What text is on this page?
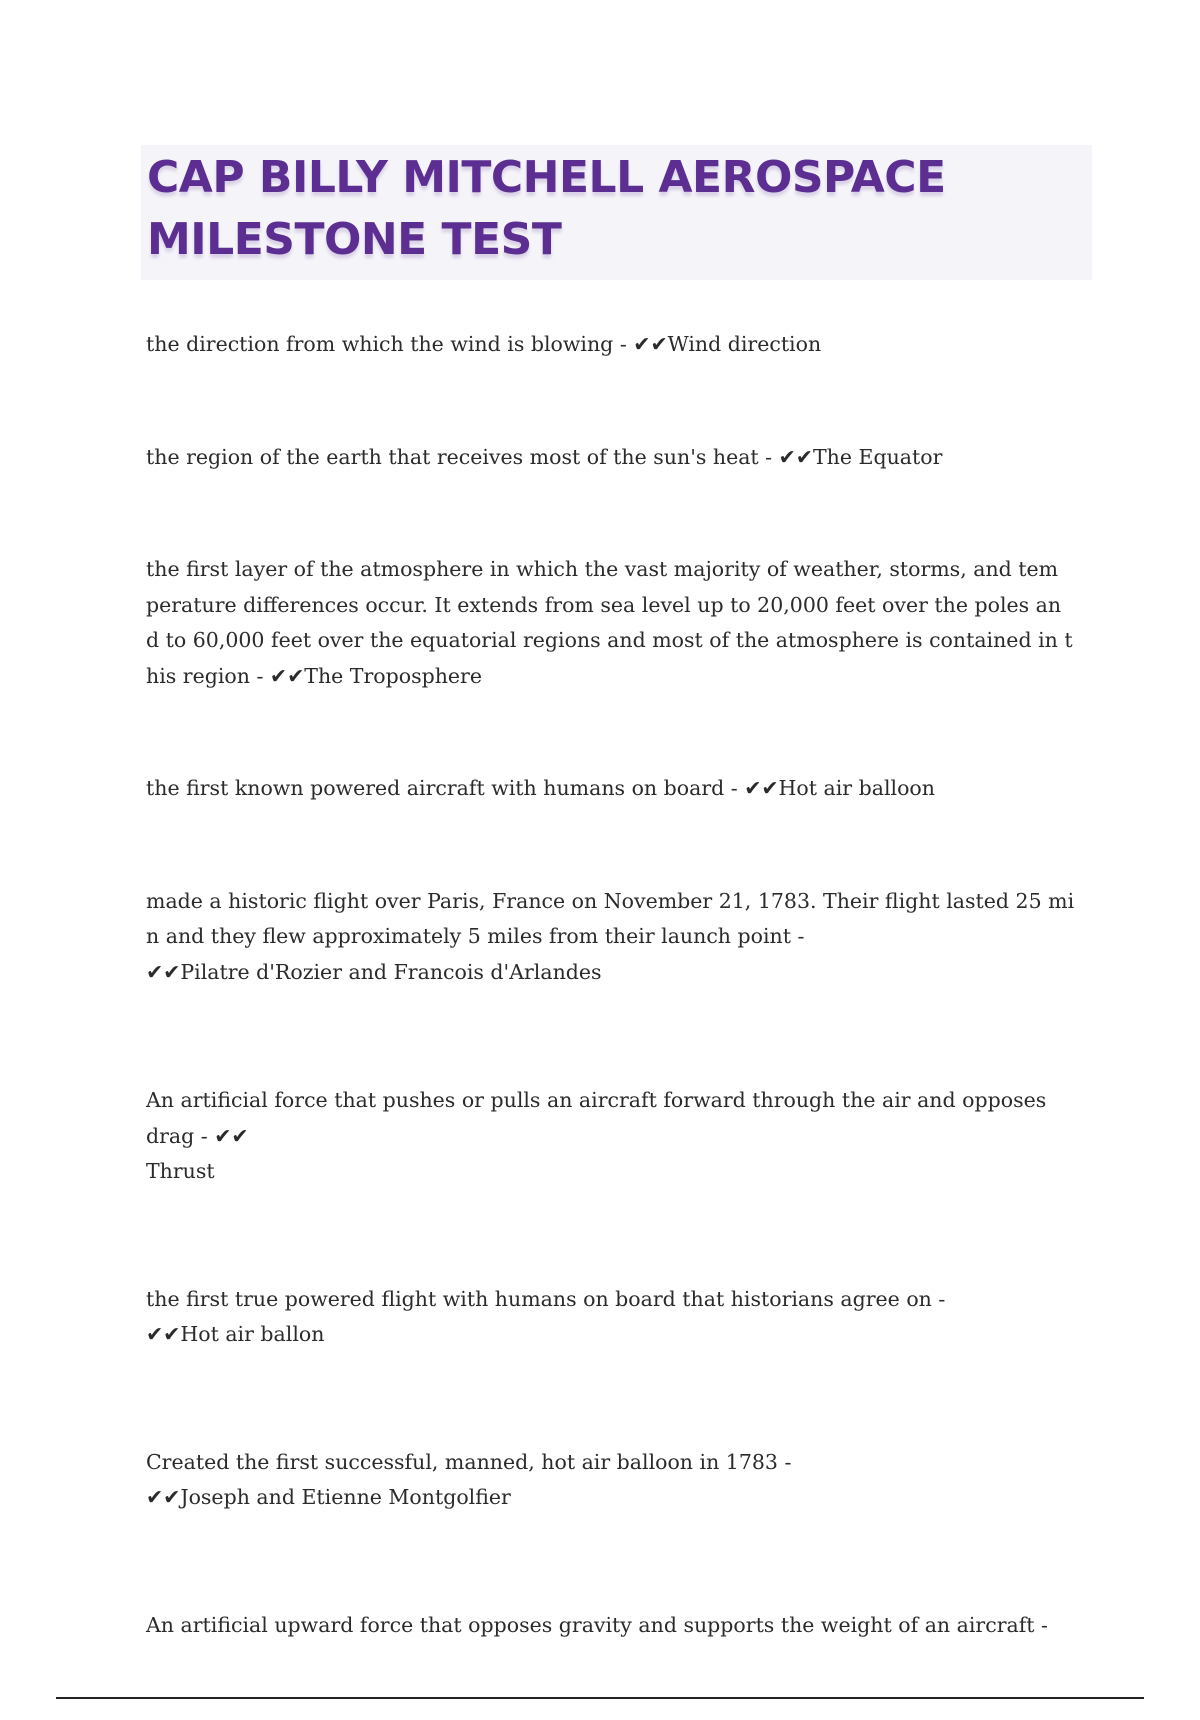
CAP BILLY MITCHELL AEROSPACE
MILESTONE TEST
the direction from which the wind is blowing - ✔✔Wind direction
the region of the earth that receives most of the sun's heat - ✔✔The Equator
the first layer of the atmosphere in which the vast majority of weather, storms, and tem
perature differences occur. It extends from sea level up to 20,000 feet over the poles an
d to 60,000 feet over the equatorial regions and most of the atmosphere is contained in t
his region - ✔✔The Troposphere
the first known powered aircraft with humans on board - ✔✔Hot air balloon
made a historic flight over Paris, France on November 21, 1783. Their flight lasted 25 mi
n and they flew approximately 5 miles from their launch point -
✔✔Pilatre d'Rozier and Francois d'Arlandes
An artificial force that pushes or pulls an aircraft forward through the air and opposes
drag - ✔✔
Thrust
the first true powered flight with humans on board that historians agree on -
✔✔Hot air ballon
Created the first successful, manned, hot air balloon in 1783 -
✔✔Joseph and Etienne Montgolfier
An artificial upward force that opposes gravity and supports the weight of an aircraft -
